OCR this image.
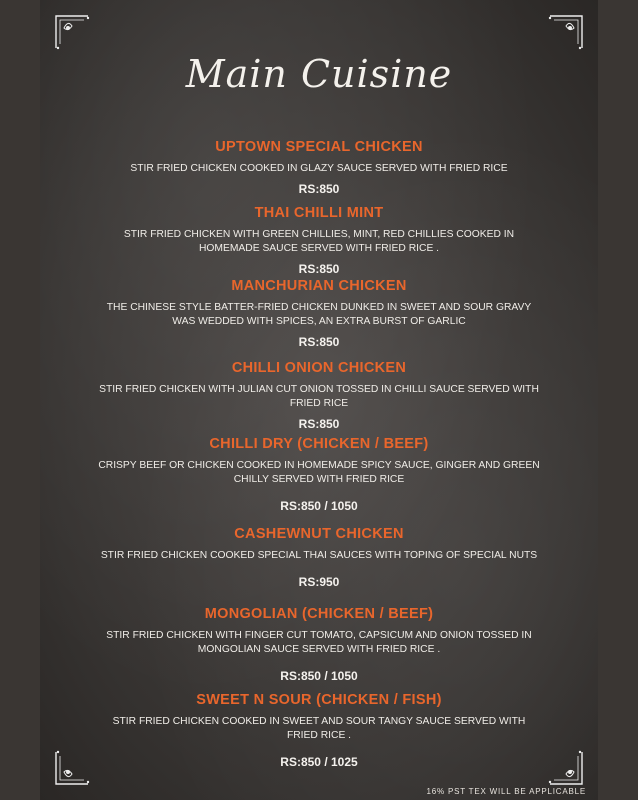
Main Cuisine
UPTOWN SPECIAL CHICKEN
STIR FRIED CHICKEN COOKED IN GLAZY SAUCE SERVED WITH FRIED RICE
RS:850
THAI CHILLI MINT
STIR FRIED CHICKEN WITH GREEN CHILLIES, MINT, RED CHILLIES COOKED IN HOMEMADE SAUCE SERVED WITH FRIED RICE .
RS:850
MANCHURIAN CHICKEN
THE CHINESE STYLE BATTER-FRIED CHICKEN DUNKED IN SWEET AND SOUR GRAVY WAS WEDDED WITH SPICES, AN EXTRA BURST OF GARLIC
RS:850
CHILLI ONION CHICKEN
STIR FRIED CHICKEN WITH JULIAN CUT ONION TOSSED IN CHILLI SAUCE SERVED WITH FRIED RICE
RS:850
CHILLI DRY (CHICKEN / BEEF)
CRISPY BEEF OR CHICKEN COOKED IN HOMEMADE SPICY SAUCE, GINGER AND GREEN CHILLY SERVED WITH FRIED RICE
RS:850 / 1050
CASHEWNUT CHICKEN
STIR FRIED CHICKEN COOKED SPECIAL THAI SAUCES WITH TOPING OF SPECIAL NUTS
RS:950
MONGOLIAN (CHICKEN / BEEF)
STIR FRIED CHICKEN WITH FINGER CUT TOMATO, CAPSICUM AND ONION TOSSED IN MONGOLIAN SAUCE SERVED WITH FRIED RICE .
RS:850 / 1050
SWEET N SOUR (CHICKEN / FISH)
STIR FRIED CHICKEN COOKED IN SWEET AND SOUR TANGY SAUCE SERVED WITH FRIED RICE .
RS:850 / 1025
16% PST TEX WILL BE APPLICABLE
